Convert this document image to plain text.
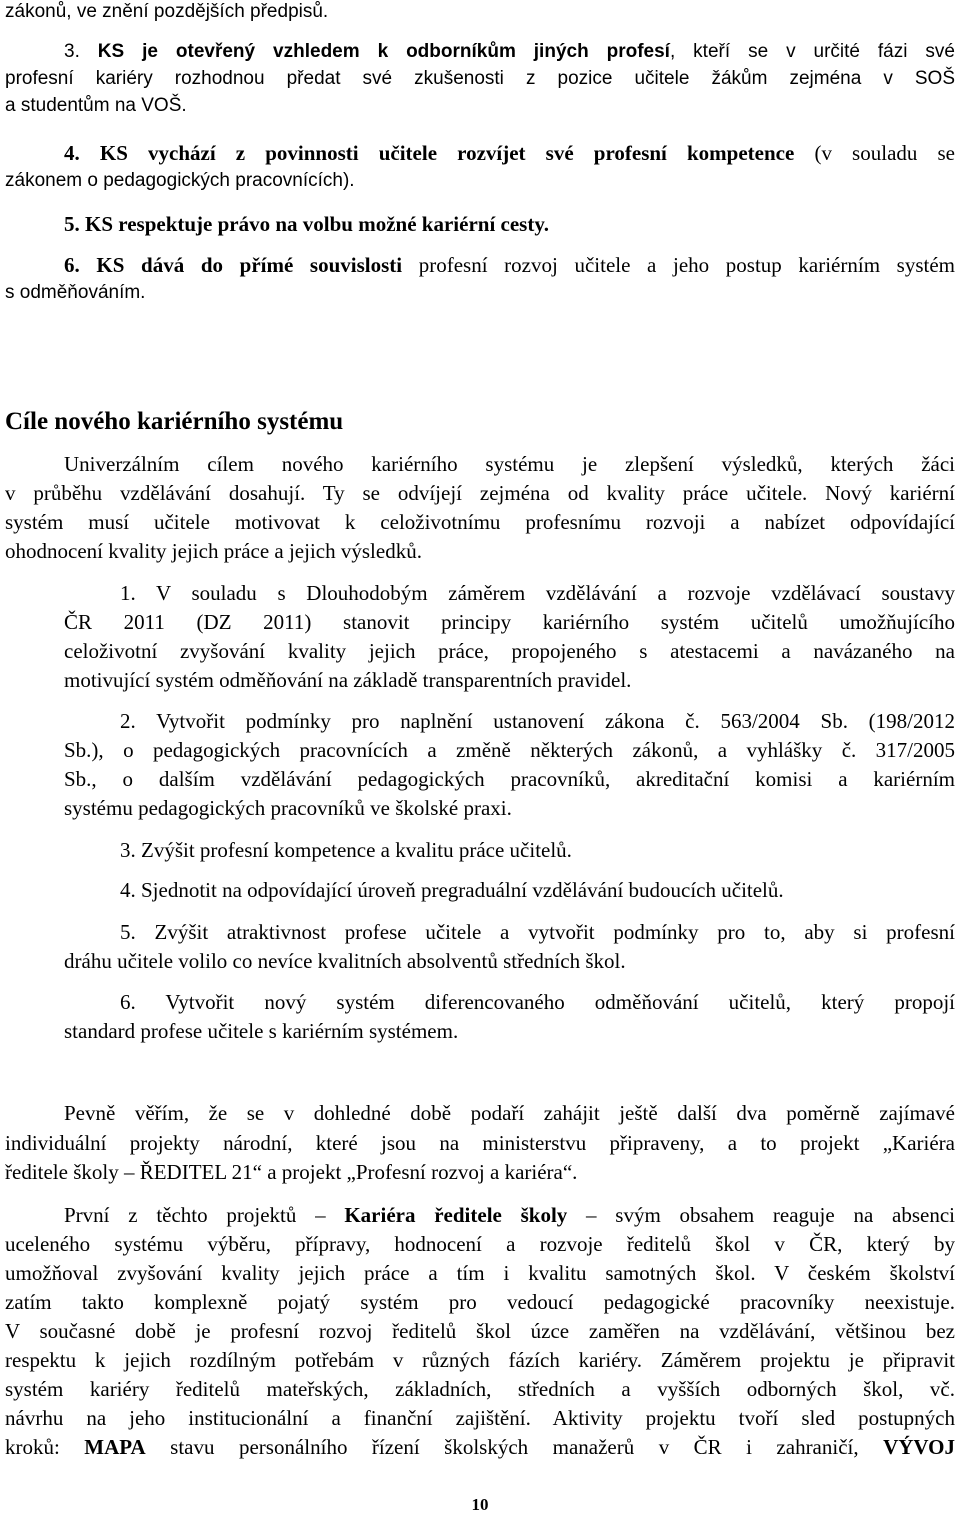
zákonů, ve znění pozdějších předpisů.
3. KS je otevřený vzhledem k odborníkům jiných profesí, kteří se v určité fázi své
profesní kariéry rozhodnou předat své zkušenosti z pozice učitele žákům zejména v SOŠ
a studentům na VOŠ.
4. KS vychází z povinnosti učitele rozvíjet své profesní kompetence (v souladu se
zákonem o pedagogických pracovnících).
5. KS respektuje právo na volbu možné kariérní cesty.
6. KS dává do přímé souvislosti profesní rozvoj učitele a jeho postup kariérním systém
s odměňováním.
Cíle nového kariérního systému
Univerzálním cílem nového kariérního systému je zlepšení výsledků, kterých žáci
v průběhu vzdělávání dosahují. Ty se odvíjejí zejména od kvality práce učitele. Nový kariérní
systém musí učitele motivovat k celoživotnímu profesnímu rozvoji a nabízet odpovídající
ohodnocení kvality jejich práce a jejich výsledků.
1. V souladu s Dlouhodobým záměrem vzdělávání a rozvoje vzdělávací soustavy
ČR 2011 (DZ 2011) stanovit principy kariérního systém učitelů umožňujícího
celoživotní zvyšování kvality jejich práce, propojeného s atestacemi a navázaného na
motivující systém odměňování na základě transparentních pravidel.
2. Vytvořit podmínky pro naplnění ustanovení zákona č. 563/2004 Sb. (198/2012
Sb.), o pedagogických pracovnících a změně některých zákonů, a vyhlášky č. 317/2005
Sb., o dalším vzdělávání pedagogických pracovníků, akreditační komisi a kariérním
systému pedagogických pracovníků ve školské praxi.
3. Zvýšit profesní kompetence a kvalitu práce učitelů.
4. Sjednotit na odpovídající úroveň pregraduální vzdělávání budoucích učitelů.
5. Zvýšit atraktivnost profese učitele a vytvořit podmínky pro to, aby si profesní
dráhu učitele volilo co nevíce kvalitních absolventů středních škol.
6. Vytvořit nový systém diferencovaného odměňování učitelů, který propojí
standard profese učitele s kariérním systémem.
Pevně věřím, že se v dohledné době podaří zahájit ještě další dva poměrně zajímavé
individuální projekty národní, které jsou na ministerstvu připraveny, a to projekt „Kariéra
ředitele školy – ŘEDITEL 21“ a projekt „Profesní rozvoj a kariéra“.
První z těchto projektů – Kariéra ředitele školy – svým obsahem reaguje na absenci
uceleného systému výběru, přípravy, hodnocení a rozvoje ředitelů škol v ČR, který by
umožňoval zvyšování kvality jejich práce a tím i kvalitu samotných škol. V českém školství
zatím takto komplexně pojatý systém pro vedoucí pedagogické pracovníky neexistuje.
V současné době je profesní rozvoj ředitelů škol úzce zaměřen na vzdělávání, většinou bez
respektu k jejich rozdílným potřebám v různých fázích kariéry. Záměrem projektu je připravit
systém kariéry ředitelů mateřských, základních, středních a vyšších odborných škol, vč.
návrhu na jeho institucionální a finanční zajištění. Aktivity projektu tvoří sled postupných
kroků: MAPA stavu personálního řízení školských manažerů v ČR i zahraničí, VÝVOJ
10
